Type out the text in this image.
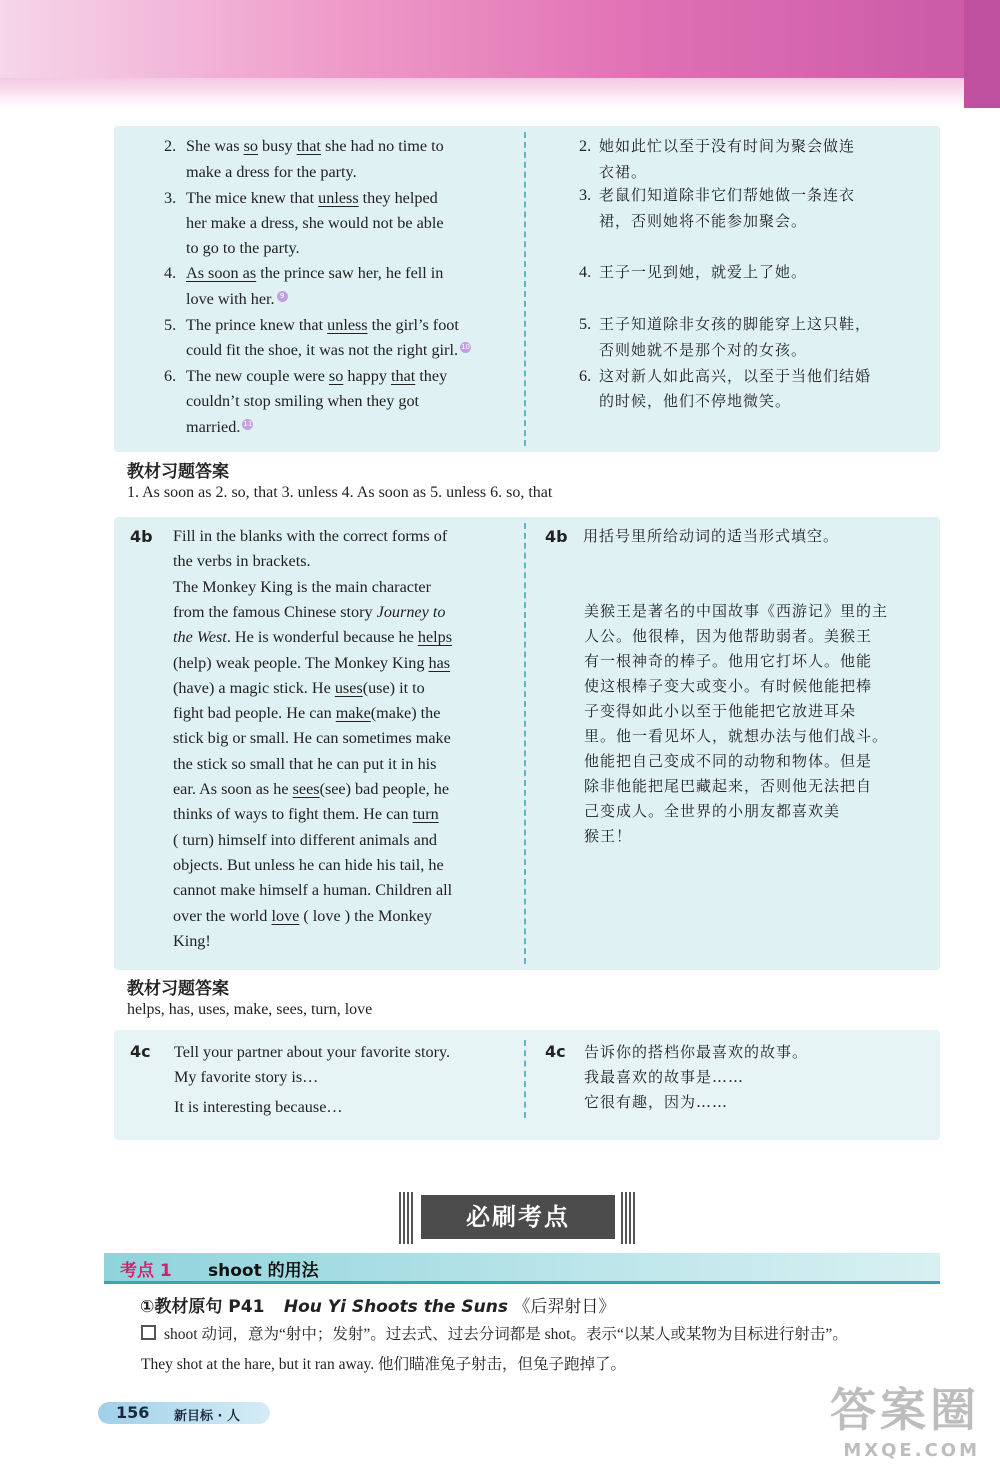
2. She was so busy that she had no time to
make a dress for the party.
3. The mice knew that unless they helped
her make a dress, she would not be able
to go to the party.
4. As soon as the prince saw her, he fell in
love with her. 9
5. The prince knew that unless the girl’s foot
could fit the shoe, it was not the right girl. 10
6. The new couple were so happy that they
couldn’t stop smiling when they got
married. 11
2. 她如此忙以至于没有时间为聚会做连
衣裙。
3. 老鼠们知道除非它们帮她做一条连衣
裙，否则她将不能参加聚会。
4. 王子一见到她，就爱上了她。
5. 王子知道除非女孩的脚能穿上这只鞋，
否则她就不是那个对的女孩。
6. 这对新人如此高兴，以至于当他们结婚
的时候，他们不停地微笑。
教材习题答案
1. As soon as 2. so, that 3. unless 4. As soon as 5. unless 6. so, that
4b	4b
Fill in the blanks with the correct forms of
the verbs in brackets.
The Monkey King is the main character
from the famous Chinese story Journey to
the West. He is wonderful because he helps
(help) weak people. The Monkey King has
(have) a magic stick. He uses(use) it to
fight bad people. He can make(make) the
stick big or small. He can sometimes make
the stick so small that he can put it in his
ear. As soon as he sees(see) bad people, he
thinks of ways to fight them. He can turn
( turn) himself into different animals and
objects. But unless he can hide his tail, he
cannot make himself a human. Children all
over the world love ( love ) the Monkey
King!
用括号里所给动词的适当形式填空。
美猴王是著名的中国故事《西游记》里的主
人公。他很棒，因为他帮助弱者。美猴王
有一根神奇的棒子。他用它打坏人。他能
使这根棒子变大或变小。有时候他能把棒
子变得如此小以至于他能把它放进耳朵
里。他一看见坏人，就想办法与他们战斗。
他能把自己变成不同的动物和物体。但是
除非他能把尾巴藏起来，否则他无法把自
己变成人。全世界的小朋友都喜欢美
猴王！
教材习题答案
helps, has, uses, make, sees, turn, love
4c	4c
Tell your partner about your favorite story.
My favorite story is…
It is interesting because…
告诉你的搭档你最喜欢的故事。
我最喜欢的故事是……
它很有趣，因为……
必刷考点
考点 1 shoot 的用法
①教材原句 P41 Hou Yi Shoots the Suns 《后羿射日》
shoot 动词，意为“射中；发射”。过去式、过去分词都是 shot。表示“以某人或某物为目标进行射击”。
They shot at the hare, but it ran away. 他们瞄准兔子射击，但兔子跑掉了。
156 新目标 · 人	答案圈
MXQE.COM
